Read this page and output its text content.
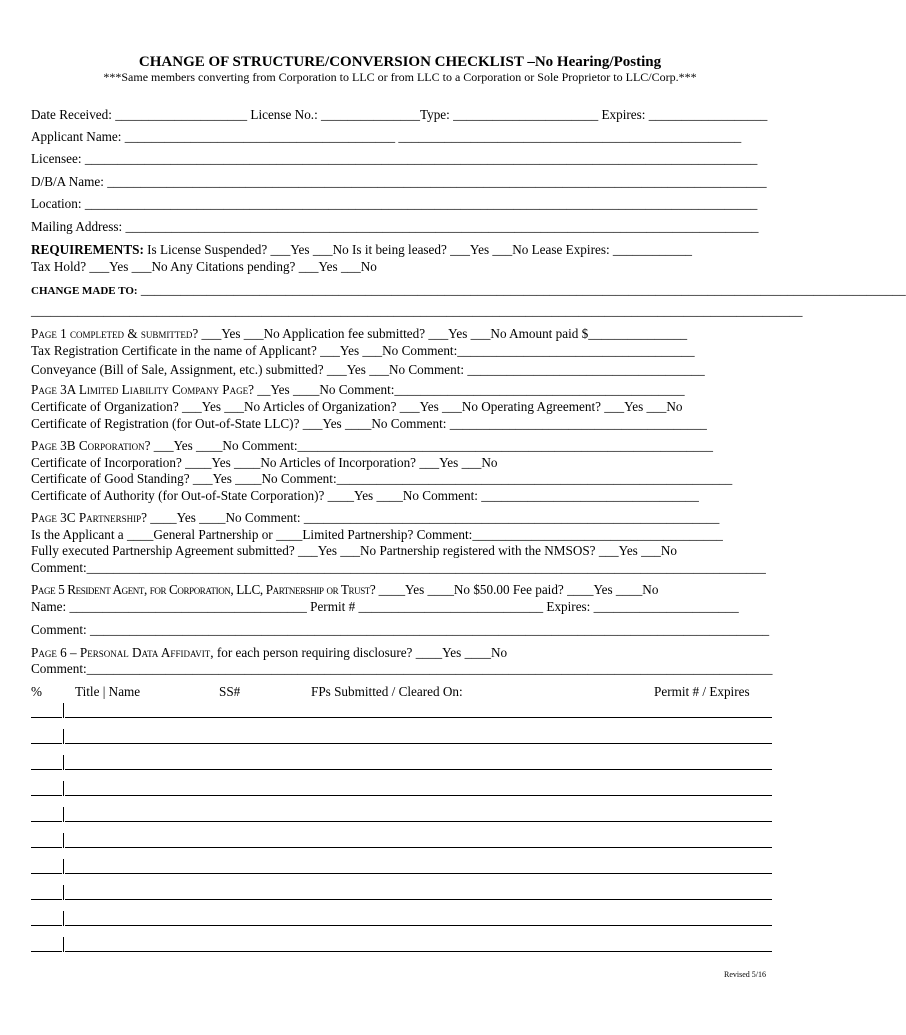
CHANGE OF STRUCTURE/CONVERSION CHECKLIST –No Hearing/Posting
***Same members converting from Corporation to LLC or from LLC to a Corporation or Sole Proprietor to LLC/Corp.***
Date Received: ____________________ License No.: _______________Type: ______________________ Expires: __________________
Applicant Name: _________________________________________ ____________________________________________________
Licensee: ______________________________________________________________________________________________________
D/B/A Name: ____________________________________________________________________________________________________
Location: ______________________________________________________________________________________________________
Mailing Address: ________________________________________________________________________________________________
REQUIREMENTS: Is License Suspended? ___Yes ___No Is it being leased? ___Yes ___No Lease Expires: ____________
Tax Hold? ___Yes ___No Any Citations pending? ___Yes ___No
CHANGE MADE TO: ____________________________________________________________________________________________________________________
_____________________________________________________________________________________________________________________
Page 1 completed & submitted? ___Yes ___No Application fee submitted? ___Yes ___No Amount paid $_______________
Tax Registration Certificate in the name of Applicant? ___Yes ___No Comment:____________________________________
Conveyance (Bill of Sale, Assignment, etc.) submitted? ___Yes ___No Comment: ____________________________________
Page 3A Limited Liability Company Page? __Yes ____No Comment:____________________________________________
Certificate of Organization? ___Yes ___No Articles of Organization? ___Yes ___No Operating Agreement? ___Yes ___No
Certificate of Registration (for Out-of-State LLC)? ___Yes ____No Comment: _______________________________________
Page 3B Corporation? ___Yes ____No Comment:_______________________________________________________________
Certificate of Incorporation? ____Yes ____No Articles of Incorporation? ___Yes ___No
Certificate of Good Standing? ___Yes ____No Comment:____________________________________________________________
Certificate of Authority (for Out-of-State Corporation)? ____Yes ____No Comment: _________________________________
Page 3C Partnership? ____Yes ____No Comment: _______________________________________________________________
Is the Applicant a ____General Partnership or ____Limited Partnership? Comment:______________________________________
Fully executed Partnership Agreement submitted? ___Yes ___No Partnership registered with the NMSOS? ___Yes ___No
Comment:_______________________________________________________________________________________________________
Page 5 Resident Agent, for Corporation, LLC, Partnership or Trust? ____Yes ____No $50.00 Fee paid? ____Yes ____No
Name: ____________________________________ Permit # ____________________________ Expires: ______________________
Comment: _______________________________________________________________________________________________________
Page 6 – Personal Data Affidavit, for each person requiring disclosure? ____Yes ____No
Comment:________________________________________________________________________________________________________
%	Title | Name	SS#	FPs Submitted / Cleared On:	Permit # / Expires
Revised 5/16
